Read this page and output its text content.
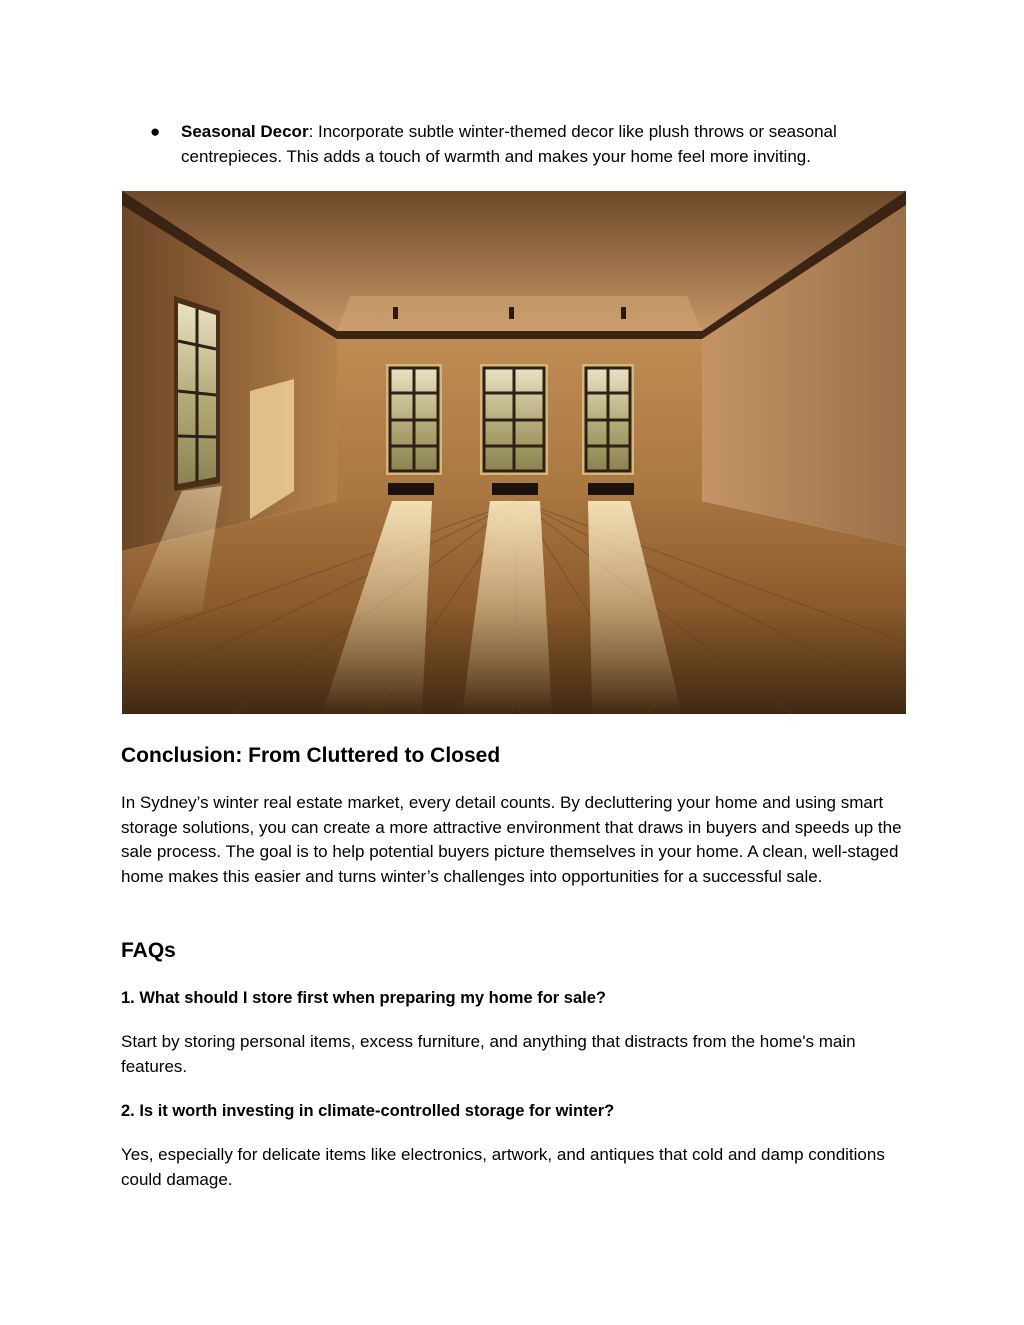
● Seasonal Decor: Incorporate subtle winter-themed decor like plush throws or seasonal centrepieces. This adds a touch of warmth and makes your home feel more inviting.
Conclusion: From Cluttered to Closed

In Sydney’s winter real estate market, every detail counts. By decluttering your home and using smart storage solutions, you can create a more attractive environment that draws in buyers and speeds up the sale process. The goal is to help potential buyers picture themselves in your home. A clean, well-staged home makes this easier and turns winter’s challenges into opportunities for a successful sale.

FAQs

1. What should I store first when preparing my home for sale?

Start by storing personal items, excess furniture, and anything that distracts from the home's main features.

2. Is it worth investing in climate-controlled storage for winter?

Yes, especially for delicate items like electronics, artwork, and antiques that cold and damp conditions could damage.
